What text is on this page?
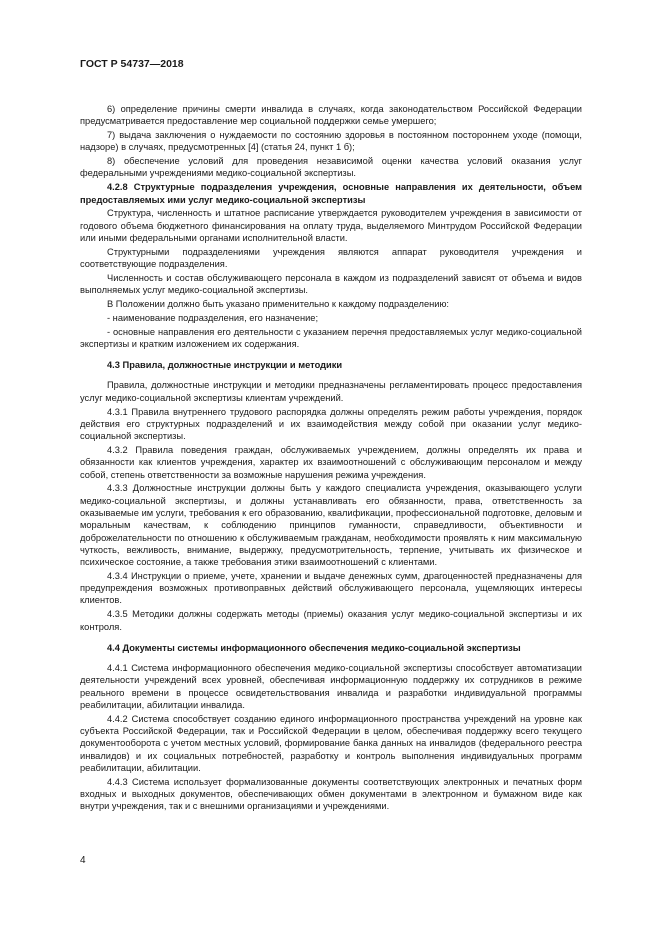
ГОСТ Р 54737—2018

6) определение причины смерти инвалида в случаях, когда законодательством Российской Федерации предусматривается предоставление мер социальной поддержки семье умершего;

7) выдача заключения о нуждаемости по состоянию здоровья в постоянном постороннем уходе (помощи, надзоре) в случаях, предусмотренных [4] (статья 24, пункт 1 б);

8) обеспечение условий для проведения независимой оценки качества условий оказания услуг федеральными учреждениями медико-социальной экспертизы.

4.2.8 Структурные подразделения учреждения, основные направления их деятельности, объем предоставляемых ими услуг медико-социальной экспертизы

Структура, численность и штатное расписание утверждается руководителем учреждения в зависимости от годового объема бюджетного финансирования на оплату труда, выделяемого Минтрудом Российской Федерации или иными федеральными органами исполнительной власти.

Структурными подразделениями учреждения являются аппарат руководителя учреждения и соответствующие подразделения.

Численность и состав обслуживающего персонала в каждом из подразделений зависят от объема и видов выполняемых услуг медико-социальной экспертизы.

В Положении должно быть указано применительно к каждому подразделению:

- наименование подразделения, его назначение;

- основные направления его деятельности с указанием перечня предоставляемых услуг медико-социальной экспертизы и кратким изложением их содержания.

4.3 Правила, должностные инструкции и методики

Правила, должностные инструкции и методики предназначены регламентировать процесс предоставления услуг медико-социальной экспертизы клиентам учреждений.

4.3.1 Правила внутреннего трудового распорядка должны определять режим работы учреждения, порядок действия его структурных подразделений и их взаимодействия между собой при оказании услуг медико-социальной экспертизы.

4.3.2 Правила поведения граждан, обслуживаемых учреждением, должны определять их права и обязанности как клиентов учреждения, характер их взаимоотношений с обслуживающим персоналом и между собой, степень ответственности за возможные нарушения режима учреждения.

4.3.3 Должностные инструкции должны быть у каждого специалиста учреждения, оказывающего услуги медико-социальной экспертизы, и должны устанавливать его обязанности, права, ответственность за оказываемые им услуги, требования к его образованию, квалификации, профессиональной подготовке, деловым и моральным качествам, к соблюдению принципов гуманности, справедливости, объективности и доброжелательности по отношению к обслуживаемым гражданам, необходимости проявлять к ним максимальную чуткость, вежливость, внимание, выдержку, предусмотрительность, терпение, учитывать их физическое и психическое состояние, а также требования этики взаимоотношений с клиентами.

4.3.4 Инструкции о приеме, учете, хранении и выдаче денежных сумм, драгоценностей предназначены для предупреждения возможных противоправных действий обслуживающего персонала, ущемляющих интересы клиентов.

4.3.5 Методики должны содержать методы (приемы) оказания услуг медико-социальной экспертизы и их контроля.

4.4 Документы системы информационного обеспечения медико-социальной экспертизы

4.4.1 Система информационного обеспечения медико-социальной экспертизы способствует автоматизации деятельности учреждений всех уровней, обеспечивая информационную поддержку их сотрудников в режиме реального времени в процессе освидетельствования инвалида и разработки индивидуальной программы реабилитации, абилитации инвалида.

4.4.2 Система способствует созданию единого информационного пространства учреждений на уровне как субъекта Российской Федерации, так и Российской Федерации в целом, обеспечивая поддержку всего текущего документооборота с учетом местных условий, формирование банка данных на инвалидов (федерального реестра инвалидов) и их социальных потребностей, разработку и контроль выполнения индивидуальных программ реабилитации, абилитации.

4.4.3 Система использует формализованные документы соответствующих электронных и печатных форм входных и выходных документов, обеспечивающих обмен документами в электронном и бумажном виде как внутри учреждения, так и с внешними организациями и учреждениями.

4
